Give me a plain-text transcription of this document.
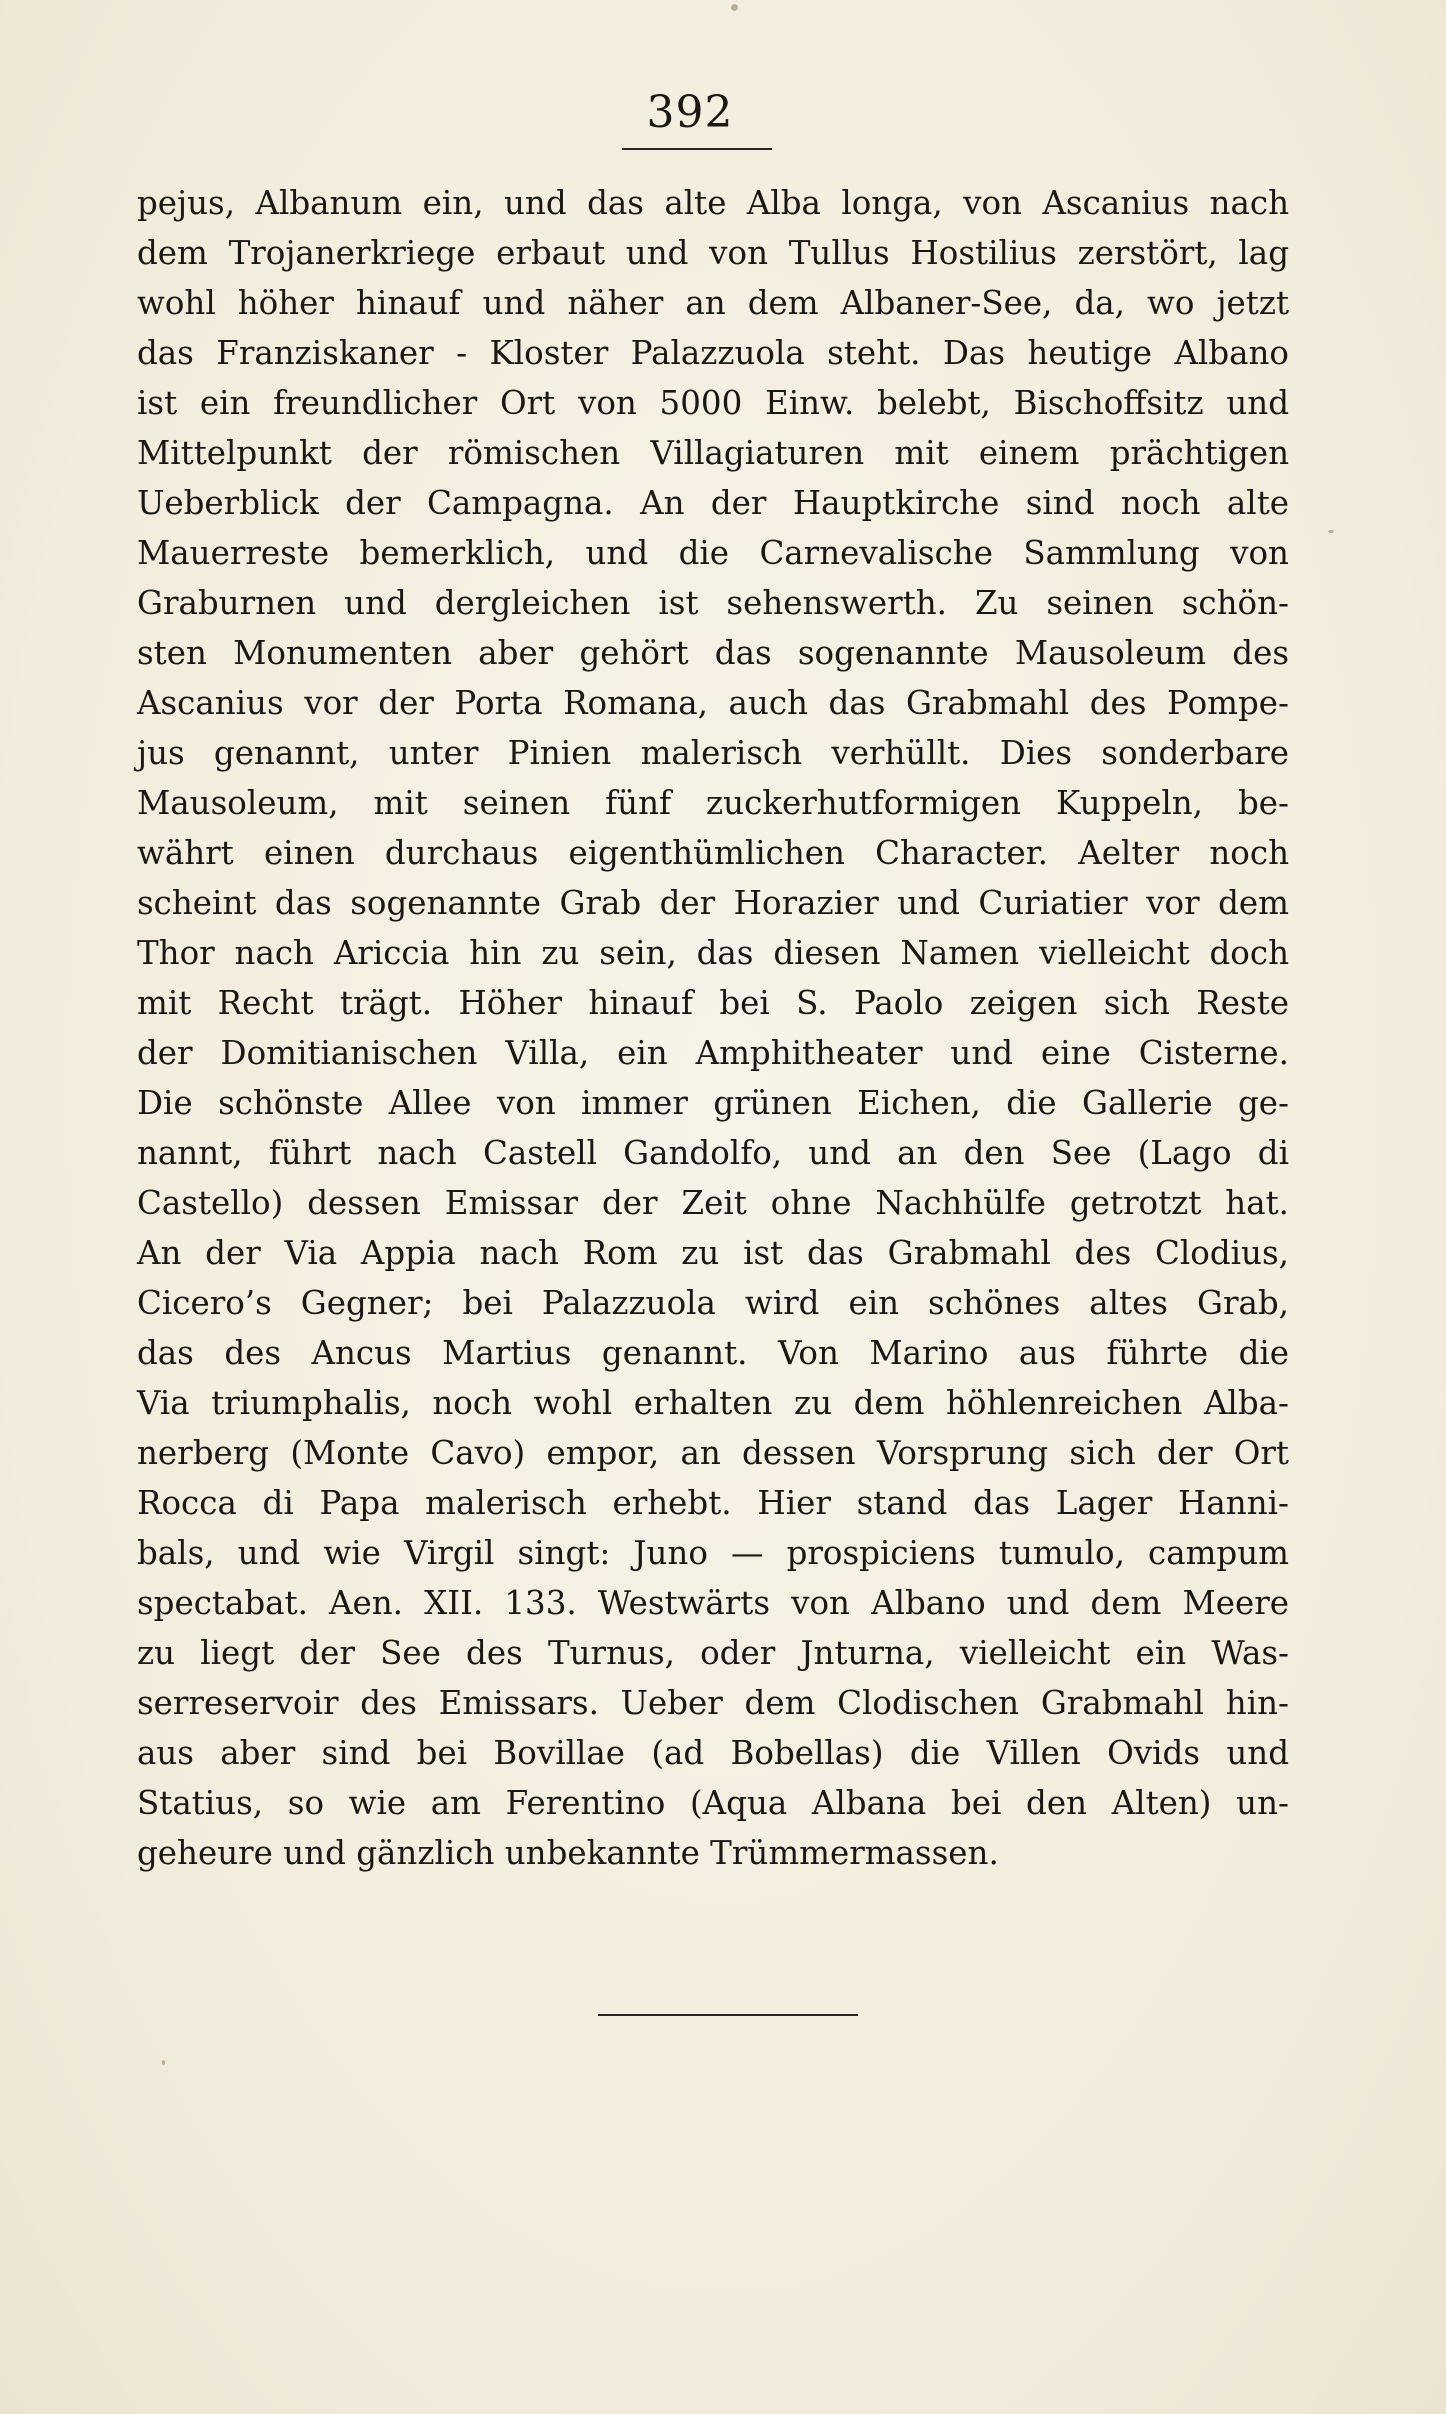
392
pejus, Albanum ein, und das alte Alba longa, von Ascanius nach
dem Trojanerkriege erbaut und von Tullus Hostilius zerstört, lag
wohl höher hinauf und näher an dem Albaner-See, da, wo jetzt
das Franziskaner - Kloster Palazzuola steht. Das heutige Albano
ist ein freundlicher Ort von 5000 Einw. belebt, Bischoffsitz und
Mittelpunkt der römischen Villagiaturen mit einem prächtigen
Ueberblick der Campagna. An der Hauptkirche sind noch alte
Mauerreste bemerklich, und die Carnevalische Sammlung von
Graburnen und dergleichen ist sehenswerth. Zu seinen schön-
sten Monumenten aber gehört das sogenannte Mausoleum des
Ascanius vor der Porta Romana, auch das Grabmahl des Pompe-
jus genannt, unter Pinien malerisch verhüllt. Dies sonderbare
Mausoleum, mit seinen fünf zuckerhutformigen Kuppeln, be-
währt einen durchaus eigenthümlichen Character. Aelter noch
scheint das sogenannte Grab der Horazier und Curiatier vor dem
Thor nach Ariccia hin zu sein, das diesen Namen vielleicht doch
mit Recht trägt. Höher hinauf bei S. Paolo zeigen sich Reste
der Domitianischen Villa, ein Amphitheater und eine Cisterne.
Die schönste Allee von immer grünen Eichen, die Gallerie ge-
nannt, führt nach Castell Gandolfo, und an den See (Lago di
Castello) dessen Emissar der Zeit ohne Nachhülfe getrotzt hat.
An der Via Appia nach Rom zu ist das Grabmahl des Clodius,
Cicero’s Gegner; bei Palazzuola wird ein schönes altes Grab,
das des Ancus Martius genannt. Von Marino aus führte die
Via triumphalis, noch wohl erhalten zu dem höhlenreichen Alba-
nerberg (Monte Cavo) empor, an dessen Vorsprung sich der Ort
Rocca di Papa malerisch erhebt. Hier stand das Lager Hanni-
bals, und wie Virgil singt: Juno — prospiciens tumulo, campum
spectabat. Aen. XII. 133. Westwärts von Albano und dem Meere
zu liegt der See des Turnus, oder Jnturna, vielleicht ein Was-
serreservoir des Emissars. Ueber dem Clodischen Grabmahl hin-
aus aber sind bei Bovillae (ad Bobellas) die Villen Ovids und
Statius, so wie am Ferentino (Aqua Albana bei den Alten) un-
geheure und gänzlich unbekannte Trümmermassen.
